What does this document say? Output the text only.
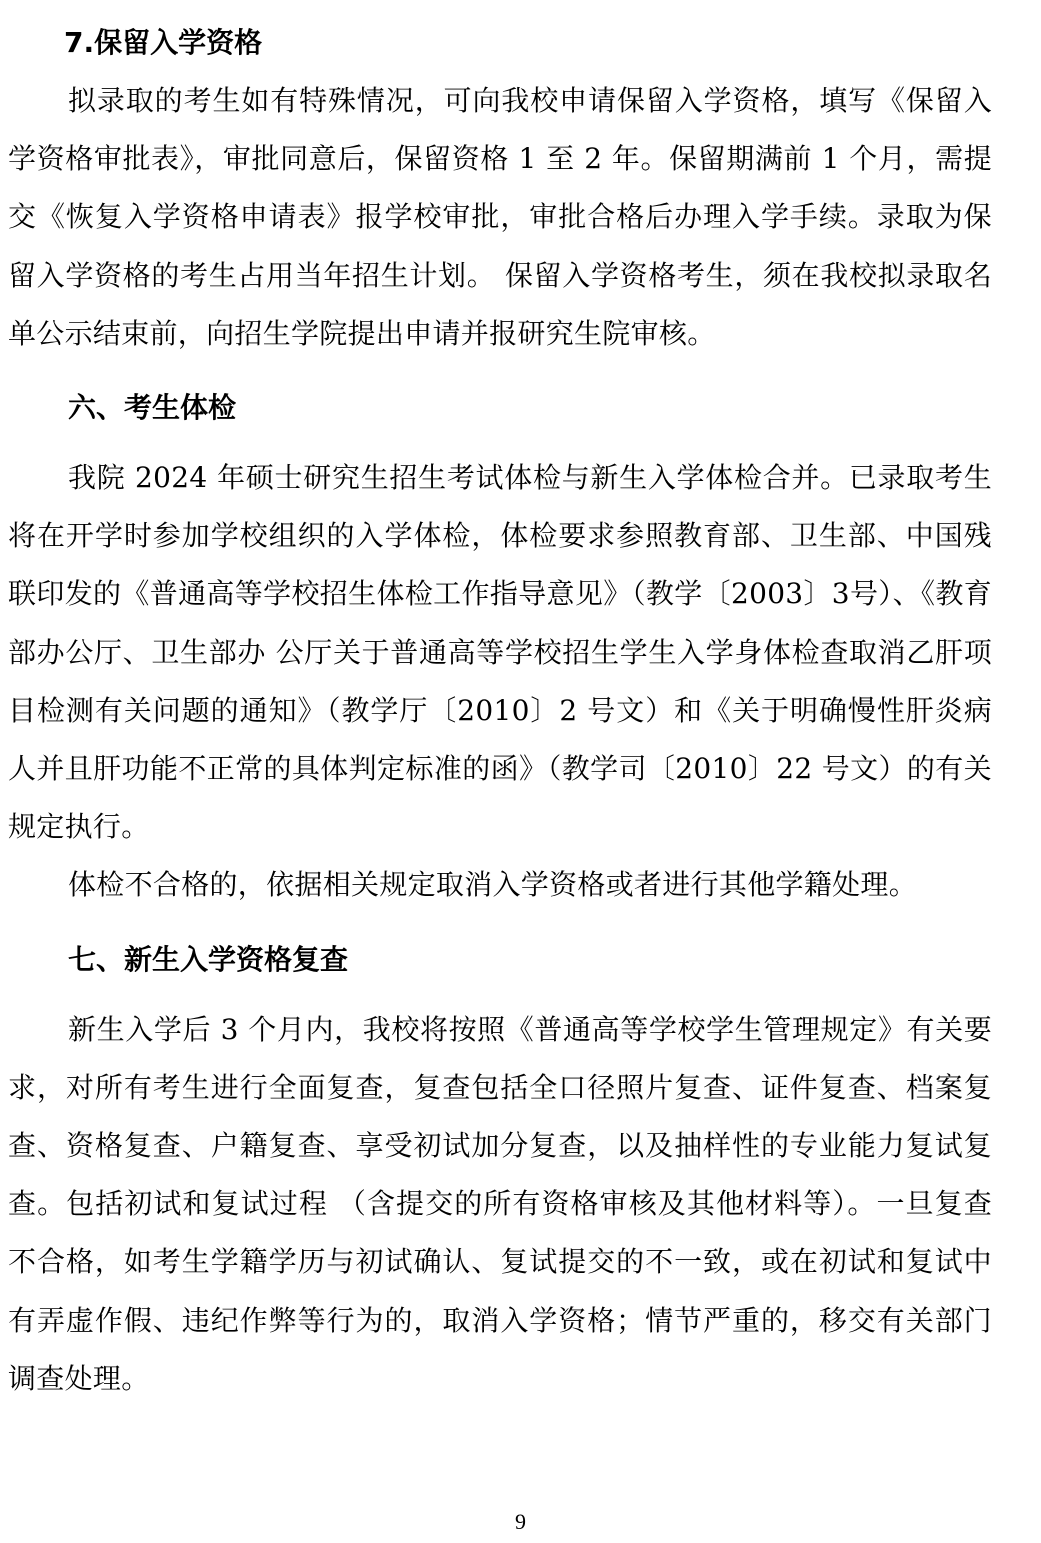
7.保留入学资格

拟录取的考生如有特殊情况，可向我校申请保留入学资格，填写《保留入学资格审批表》，审批同意后，保留资格 1 至 2 年。保留期满前 1 个月，需提交《恢复入学资格申请表》报学校审批，审批合格后办理入学手续。录取为保留入学资格的考生占用当年招生计划。 保留入学资格考生，须在我校拟录取名单公示结束前，向招生学院提出申请并报研究生院审核。

六、考生体检

我院 2024 年硕士研究生招生考试体检与新生入学体检合并。已录取考生将在开学时参加学校组织的入学体检，体检要求参照教育部、卫生部、中国残联印发的《普通高等学校招生体检工作指导意见》（教学〔2003〕3号）、《教育部办公厅、卫生部办 公厅关于普通高等学校招生学生入学身体检查取消乙肝项目检测有关问题的通知》（教学厅〔2010〕2 号文）和《关于明确慢性肝炎病人并且肝功能不正常的具体判定标准的函》（教学司〔2010〕22 号文）的有关规定执行。

体检不合格的，依据相关规定取消入学资格或者进行其他学籍处理。

七、新生入学资格复查

新生入学后 3 个月内，我校将按照《普通高等学校学生管理规定》有关要求，对所有考生进行全面复查，复查包括全口径照片复查、证件复查、档案复查、资格复查、户籍复查、享受初试加分复查，以及抽样性的专业能力复试复查。包括初试和复试过程 （含提交的所有资格审核及其他材料等）。一旦复查不合格，如考生学籍学历与初试确认、复试提交的不一致，或在初试和复试中有弄虚作假、违纪作弊等行为的，取消入学资格；情节严重的，移交有关部门调查处理。

9
